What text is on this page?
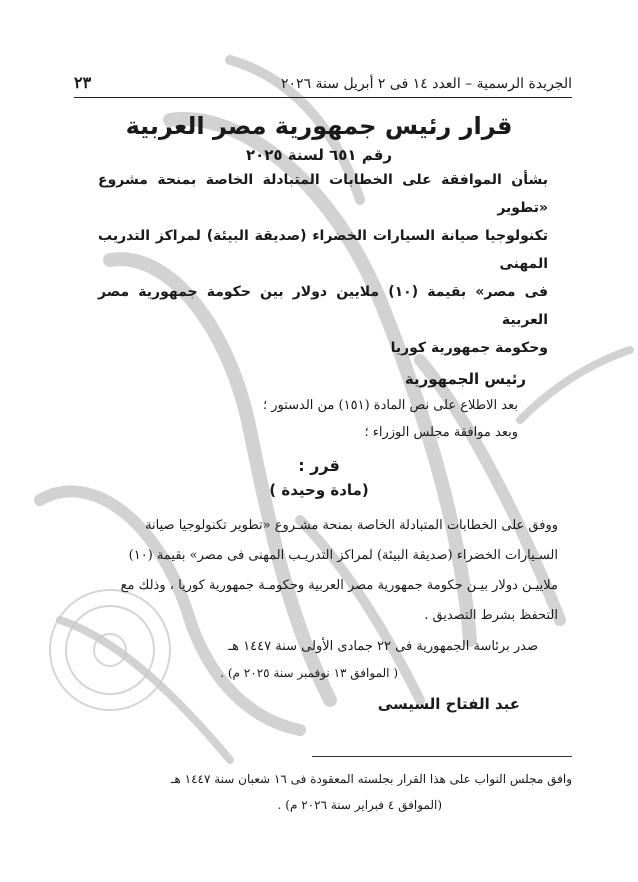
الجريدة الرسمية – العدد ١٤ فى ٢ أبريل سنة ٢٠٢٦
٢٣
قرار رئيس جمهورية مصر العربية
رقم ٦٥١ لسنة ٢٠٢٥
بشأن الموافقة على الخطابات المتبادلة الخاصة بمنحة مشروع «تطوير
تكنولوجيا صيانة السيارات الخضراء (صديقة البيئة) لمراكز التدريب المهنى
فى مصر» بقيمة (١٠) ملايين دولار بين حكومة جمهورية مصر العربية
وحكومة جمهورية كوريا
رئيس الجمهورية
بعد الاطلاع على نص المادة (١٥١) من الدستور ؛
وبعد موافقة مجلس الوزراء ؛
قرر :
(مادة وحيدة )
ووفق على الخطابات المتبادلة الخاصة بمنحة مشـروع «تطوير تكنولوجيا صيانة
السـيارات الخضراء (صديقة البيئة) لمراكز التدريـب المهنى فى مصر» بقيمة (١٠)
ملاييـن دولار بيـن حكومة جمهورية مصر العربية وحكومـة جمهورية كوريا ، وذلك مع
التحفظ بشرط التصديق .
صدر برئاسة الجمهورية فى ٢٢ جمادى الأولى سنة ١٤٤٧ هـ
( الموافق ١٣ نوفمبر سنة ٢٠٢٥ م) .
عبد الفتاح السيسى
وافق مجلس النواب على هذا القرار بجلسته المعقودة فى ١٦ شعبان سنة ١٤٤٧ هـ
(الموافق ٤ فبراير سنة ٢٠٢٦ م) .
